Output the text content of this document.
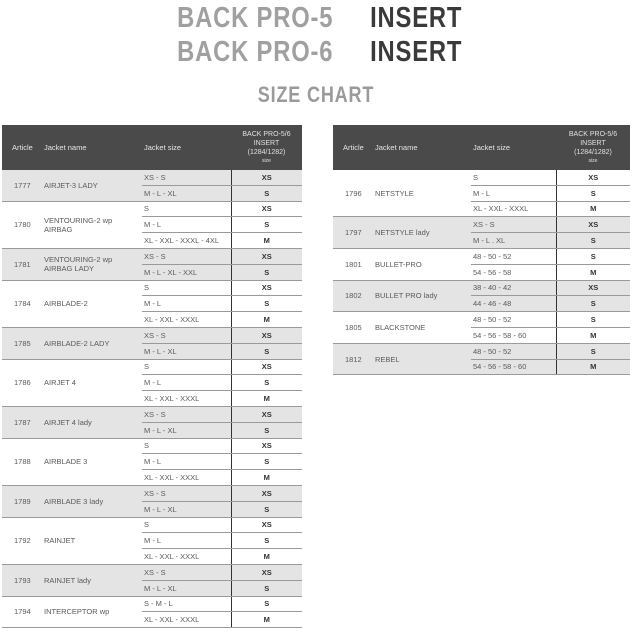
BACK PRO-5 INSERT
BACK PRO-6 INSERT
SIZE CHART
Article	Jacket name	Jacket size	BACK PRO-5/6
INSERT
(1284/1282)
size

1777	AIRJET-3 LADY	XS - S	XS
		M - L - XL	S
1780	VENTOURING-2 wp AIRBAG	S	XS
		M - L	S
		XL - XXL - XXXL - 4XL	M
1781	VENTOURING-2 wp AIRBAG LADY	XS - S	XS
		M - L - XL - XXL	S
1784	AIRBLADE-2	S	XS
		M - L	S
		XL - XXL - XXXL	M
1785	AIRBLADE-2 LADY	XS - S	XS
		M - L - XL	S
1786	AIRJET 4	S	XS
		M - L	S
		XL - XXL - XXXL	M
1787	AIRJET 4 lady	XS - S	XS
		M - L - XL	S
1788	AIRBLADE 3	S	XS
		M - L	S
		XL - XXL - XXXL	M
1789	AIRBLADE 3 lady	XS - S	XS
		M - L - XL	S
1792	RAINJET	S	XS
		M - L	S
		XL - XXL - XXXL	M
1793	RAINJET lady	XS - S	XS
		M - L - XL	S
1794	INTERCEPTOR wp	S - M - L	S
		XL - XXL - XXXL	M
Article	Jacket name	Jacket size	BACK PRO-5/6
INSERT
(1284/1282)
size

1796	NETSTYLE	S	XS
		M - L	S
		XL - XXL - XXXL	M
1797	NETSTYLE lady	XS - S	XS
		M - L . XL	S
1801	BULLET-PRO	48 - 50 - 52	S
		54 - 56 - 58	M
1802	BULLET PRO lady	38 - 40 - 42	XS
		44 - 46 - 48	S
1805	BLACKSTONE	48 - 50 - 52	S
		54 - 56 - 58 - 60	M
1812	REBEL	48 - 50 - 52	S
		54 - 56 - 58 - 60	M
